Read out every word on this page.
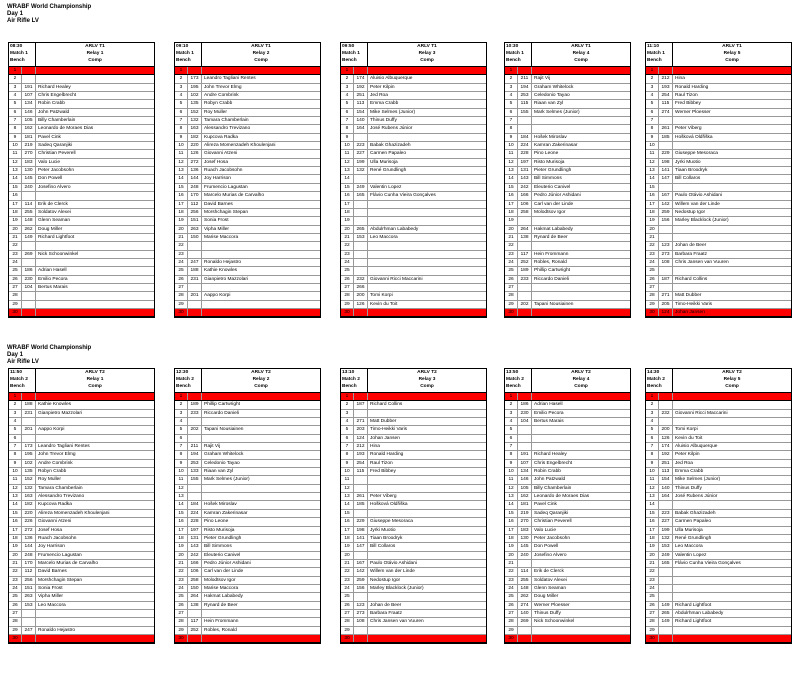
WRABF World Championship
Day 1
Air Rifle LV
WRABF World Championship
Day 1
Air Rifle LV
08:30
Match 1
Bench
ARLV T1
Relay 1
Comp
1
2
3	191	Richard Healey
4	107	Chris Engelbrecht
5	134	Robin Crabb
6	146	John Patzwald
7	105	Billy Chamberlain
8	162	Leonardo de Moraes Dias
9	181	Pavel Cink
10	219	Sadeq Qaranjiki
11	270	Christian Peverell
12	183	Valo Lucie
13	130	Peter Jacobsohn
14	145	Don Powell
15	240	Josefino Alvero
16
17	114	Erik de Clerck
18	255	Soldatov Alexei
19	148	Glenn Seaman
20	262	Doug Miller
21	149	Richard Lightfoot
22
23	269	Nick Schoonwinkel
24
25	186	Adrian Hasell
26	230	Emilio Pecora
27	104	Bertus Marais
28
29
30
09:10
Match 1
Bench
ARLV T1
Relay 2
Comp
1
2	173	Leandro Tagliani Rentes
3	195	John Trevor Elmg
4	102	Andre Combrink
5	135	Robyn Crabb
6	152	Roy Muller
7	132	Tamara Chamberlain
8	163	Alessandro Trevizano
9	182	Kupcova Radka
10	220	Alireza Momenzadeh Khoulenjani
11	126	Giovanni Atzeni
12	272	Josef Hosa
13	136	Ruach Jacobsohn
14	144	Joy Harrison
15	248	Frumencio Lagustan
16	170	Marcelo Murias de Carvalho
17	112	David Barnes
18	256	Morshchagin Stepan
19	151	Sonia Frost
20	263	Vipha Miller
21	150	Marise Maccora
22
23
24	247	Ronaldo Hejastro
25	188	Kathie Knowles
26	231	Gianpietro Mazzolari
27
28	201	Aappo Korpi
29
30
09:50
Match 1
Bench
ARLV T1
Relay 3
Comp
1
2	174	Aluisio Albuquerque
3	192	Peter Kilpin
4	251	Jed Roa
5	113	Emma Crabb
6	154	Mike Selmes (Junior)
7	140	Thinus Duffy
8	164	José Rubens Júnior
9
10	223	Babak Ghazizadeh
11	227	Carmen Papaleo
12	199	Ulla Murisoja
13	132	René Grundlingh
14
15	249	Valentin Lopez
16	165	Flávio Cunha Vieira Gonçalves
17
18
19
20	265	Abdulrhman Lababedy
21	153	Leo Maccora
22
23
24
25
26	232	Giovanni Ricci Maccarini
27	266
28	200	Tomi Korpi
29	126	Kevin du Toit
30
10:30
Match 1
Bench
ARLV T1
Relay 4
Comp
1
2	211	Rajit Vij
3	194	Graham Whitelock
4	253	Celedonio Tayao
5	115	Riaan van Zyl
6	155	Mark Selmes (Junior)
7
8
9	184	Hošek Miroslav
10	224	Kamran Zakerinasar
11	228	Pino Leone
12	197	Risto Murisoja
13	131	Pieter Grundlingh
14	143	Bill Simmons
15	242	Eleuterio Canivel
16	166	Pedro Júnior Ashidani
17	106	Carl van der Linde
18	258	Molodtsov Igor
19
20	264	Hakmat Lababedy
21	138	Rynard de Beer
22
23	117	Hein Frommann
24	252	Robles, Ronald
25	189	Phillip Cartwright
26	233	Riccardo Danieli
27
28
29	202	Tapani Nousiainen
30
11:10
Match 1
Bench
ARLV T1
Relay 5
Comp
1
2	212	Hina
3	193	Ronald Harding
4	254	Raul Tizon
5	115	Fred Bibbey
6	274	Werner Ploesser
7
8	261	Peter Viberg
9	185	Hošková Oldřiška
10
11	229	Giuseppe Mesoraca
12	198	Jyrki Muotio
13	141	Tiaan Broodryk
14	147	Bill Collaros
15
16	167	Paulo Otávio Ashidani
17	142	Willem van der Linde
18	259	Nedostup Igor
19	156	Marley Blacklock (Junior)
20
21
22	123	Johan de Beer
23	273	Barbara Fraatz
24	108	Chris Jansen van Vuuren
25
26	187	Richard Collins
27
28	271	Matt Dubber
29	205	Timo-Heikki Varis
30	124	Johan Jansen
11:50
Match 2
Bench
ARLV T2
Relay 1
Comp
1
2	188	Kathie Knowles
3	231	Gianpietro Mazzolari
4
5	201	Aappo Korpi
6
7	173	Leandro Tagliani Rentes
8	195	John Trevor Elmg
9	102	Andre Combrink
10	135	Robyn Crabb
11	152	Roy Muller
12	132	Tamara Chamberlain
13	163	Alessandro Trevizano
14	182	Kupcova Radka
15	220	Alireza Momenzadeh Khoulenjani
16	226	Giovanni Atzeni
17	272	Josef Hosa
18	136	Ruach Jacobsohn
19	144	Joy Harrison
20	248	Frumencio Lagustan
21	170	Marcelo Murias de Carvalho
22	112	David Barnes
23	256	Morshchagin Stepan
24	151	Sonia Frost
25	263	Vipha Miller
26	153	Leo Maccora
27
28
29	247	Ronaldo Hejastro
30
12:30
Match 2
Bench
ARLV T2
Relay 2
Comp
1
2	189	Phillip Cartwright
3	233	Riccardo Danieli
4
5	202	Tapani Nousiainen
6
7	211	Rajit Vij
8	194	Graham Whitelock
9	253	Celedonio Tayao
10	133	Riaan van Zyl
11	155	Mark Selmes (Junior)
12
13
14	184	Hošek Miroslav
15	224	Kamran Zakerinasar
16	228	Pino Leone
17	197	Risto Murisoja
18	131	Pieter Grundlingh
19	143	Bill Simmons
20	242	Eleuterio Canivel
21	166	Pedro Júnior Ashidani
22	106	Carl van der Linde
23	258	Molodtsov Igor
24	150	Marise Maccora
25	264	Hakmat Lababedy
26	138	Rynard de Beer
27
28	117	Hein Frommann
29	252	Robles, Ronald
30
13:10
Match 2
Bench
ARLV T2
Relay 3
Comp
1
2	187	Richard Collins
3
4	271	Matt Dubber
5	203	Timo-Heikki Varis
6	124	Johan Jansen
7	212	Hina
8	193	Ronald Harding
9	254	Raul Tizon
10	115	Fred Bibbey
11
12
13	261	Peter Viberg
14	185	Hošková Oldřiška
15
16	229	Giuseppe Mesoraca
17	198	Jyrki Muotio
18	141	Tiaan Broodryk
19	147	Bill Collaros
20
21	167	Paulo Otávio Ashidani
22	142	Willem van der Linde
23	259	Nedostup Igor
24	156	Marley Blacklock (Junior)
25
26	123	Johan de Beer
27	273	Barbara Fraatz
28	108	Chris Jansen van Vuuren
29
30
13:50
Match 2
Bench
ARLV T2
Relay 4
Comp
1
2	186	Adrian Hasell
3	230	Emilio Pecora
4	104	Bertus Marais
5
6
7
8	191	Richard Healey
9	107	Chris Engelbrecht
10	134	Robin Crabb
11	146	John Patzwald
12	105	Billy Chamberlain
13	162	Leonardo de Moraes Dias
14	181	Pavel Cink
15	219	Sadeq Qaranjiki
16	270	Christian Peverell
17	183	Valo Lucie
18	130	Peter Jacobsohn
19	145	Don Powell
20	240	Josefino Alvero
21
22	114	Erik de Clerck
23	255	Soldatov Alexei
24	148	Glenn Seaman
25	262	Doug Miller
26	274	Werner Ploesser
27	140	Thinus Duffy
28	269	Nick Schoonwinkel
29
30
14:30
Match 2
Bench
ARLV T2
Relay 5
Comp
1
2
3	232	Giovanni Ricci Maccarini
4
5	200	Tomi Korpi
6	126	Kevin du Toit
7	174	Aluisio Albuquerque
8	192	Peter Kilpin
9	251	Jed Roa
10	113	Emma Crabb
11	154	Mike Selmes (Junior)
12	140	Thinus Duffy
13	164	José Rubens Júnior
14
15	223	Babak Ghazizadeh
16	227	Carmen Papaleo
17	199	Ulla Murisoja
18	132	René Grundlingh
19	153	Leo Maccora
20	249	Valentin Lopez
21	165	Flávio Cunha Vieira Gonçalves
22
23
24
25
26	149	Richard Lightfoot
27	265	Abdulrhman Lababedy
28	149	Richard Lightfoot
29
30
